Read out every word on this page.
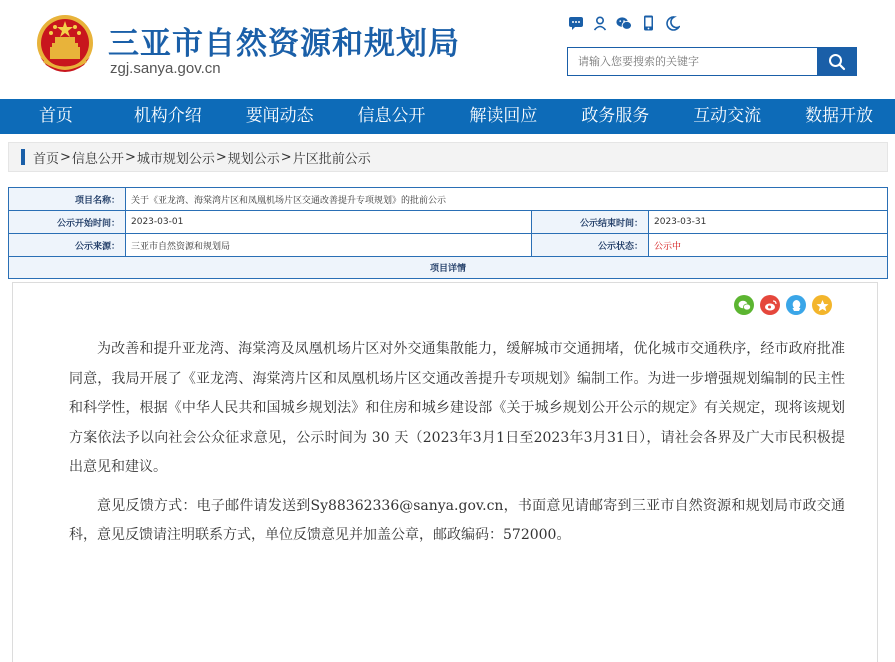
三亚市自然资源和规划局
zgj.sanya.gov.cn
请输入您要搜索的关键字
首页	机构介绍	要闻动态	信息公开	解读回应	政务服务	互动交流	数据开放
首页 > 信息公开 > 城市规划公示 > 规划公示 > 片区批前公示
项目名称：	关于《亚龙湾、海棠湾片区和凤凰机场片区交通改善提升专项规划》的批前公示		
公示开始时间：	2023-03-01	公示结束时间：	2023-03-31
公示来源：	三亚市自然资源和规划局	公示状态：	公示中
项目详情			

为改善和提升亚龙湾、海棠湾及凤凰机场片区对外交通集散能力，缓解城市交通拥堵，优化城市交通秩序，经市政府批准同意，我局开展了《亚龙湾、海棠湾片区和凤凰机场片区交通改善提升专项规划》编制工作。为进一步增强规划编制的民主性和科学性，根据《中华人民共和国城乡规划法》和住房和城乡建设部《关于城乡规划公开公示的规定》有关规定，现将该规划方案依法予以向社会公众征求意见，公示时间为 30 天（2023年3月1日至2023年3月31日），请社会各界及广大市民积极提出意见和建议。

意见反馈方式：电子邮件请发送到Sy88362336@sanya.gov.cn，书面意见请邮寄到三亚市自然资源和规划局市政交通科，意见反馈请注明联系方式，单位反馈意见并加盖公章，邮政编码：572000。
